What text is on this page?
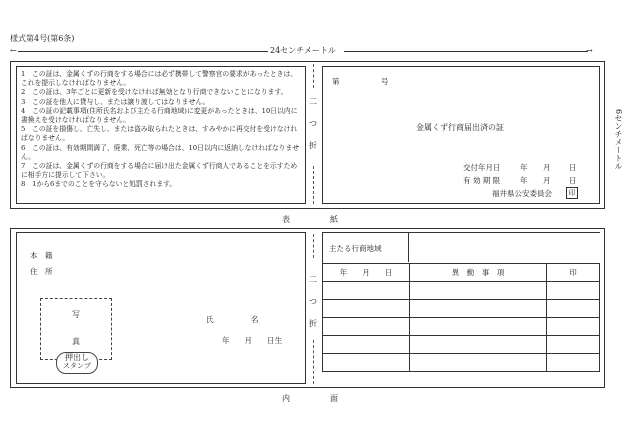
様式第4号(第6条)
←	24センチメートル	→
6センチメートル

1　この証は、金属くずの行商をする場合には必ず携帯して警察官の要求があったときは、これを提示しなければなりません。

2　この証は、3年ごとに更新を受けなければ無効となり行商できないことになります。

3　この証を他人に貸与し、または譲り渡してはなりません。

4　この証の記載事項(住所氏名および主たる行商地域)に変更があったときは、10日以内に書換えを受けなければなりません。

5　この証を損傷し、亡失し、または盗み取られたときは、すみやかに再交付を受けなければなりません。

6　この証は、有効期間満了、廃業、死亡等の場合は、10日以内に返納しなければなりません。

7　この証は、金属くずの行商をする場合に届け出た金属くず行商人であることを示すために相手方に提示して下さい。

8　1から6までのことを守らないと処罰されます。

二
つ
折
第	号
金属くず行商届出済の証
交付年月日	年 月 日
有 効 期 限	年 月 日
福井県公安委員会	印
表　　　紙
本　籍
住　所
写
真
押出し
スタンプ
氏　　　　　名
年　　月　　日生
二
つ
折
主たる行商地域		

年　　月　　日	異　動　事　項	印

内　　　面
